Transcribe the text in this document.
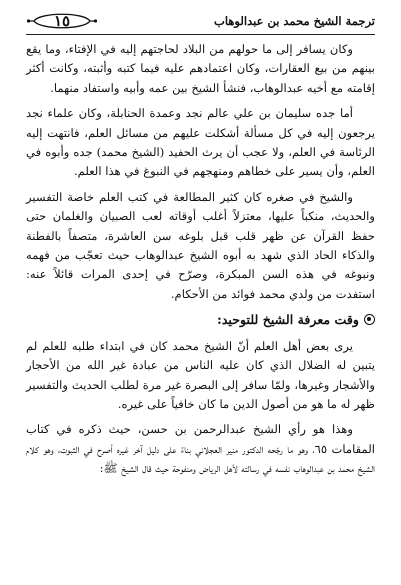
ترجمة الشيخ محمد بن عبدالوهاب
١٥

وكان يسافر إلى ما حولهم من البلاد لحاجتهم إليه في الإفتاء، وما يقع بينهم من بيع العقارات، وكان اعتمادهم عليه فيما كتبه وأثبته، وكانت أكثر إقامته مع أخيه عبدالوهاب، فنشأ الشيخ بين عمه وأبيه واستفاد منهما.

أما جده سليمان بن علي عالم نجد وعمدة الحنابلة، وكان علماء نجد يرجعون إليه في كل مسألة أشكلت عليهم من مسائل العلم، فانتهت إليه الرئاسة في العلم، ولا عجب أن يرث الحفيد (الشيخ محمد) جده وأبوه في العلم، وأن يسير على خطاهم ومنهجهم في النبوغ في هذا العلم.

والشيخ في صغره كان كثير المطالعة في كتب العلم خاصة التفسير والحديث، منكباً عليها، معتزلاً أغلب أوقاته لعب الصبيان والغلمان حتى حفظ القرآن عن ظهر قلب قبل بلوغه سن العاشرة، متصفاً بالفطنة والذكاء الحاد الذي شهد به أبوه الشيخ عبدالوهاب حيث تعجّب من فهمه ونبوغه في هذه السن المبكرة، وصرّح في إحدى المرات قائلاً عنه: استفدت من ولدي محمد فوائد من الأحكام.

وقت معرفة الشيخ للتوحيد:

يرى بعض أهل العلم أنّ الشيخ محمد كان في ابتداء طلبه للعلم لم يتبين له الضلال الذي كان عليه الناس من عبادة غير الله من الأحجار والأشجار وغيرها، ولمّا سافر إلى البصرة غير مرة لطلب الحديث والتفسير ظهر له ما هو من أصول الدين ما كان خافياً على غيره.

وهذا هو رأي الشيخ عبدالرحمن بن حسن، حيث ذكره في كتاب المقامات ٦٥، وهو ما رجّحه الدكتور منير العجلاني بناءً على دليل آخر غيره أصرح في الثبوت، وهو كلام الشيخ محمد بن عبدالوهاب نفسه في رسالته لأهل الرياض ومنفوحة حيث قال الشيخ ﷺ:
